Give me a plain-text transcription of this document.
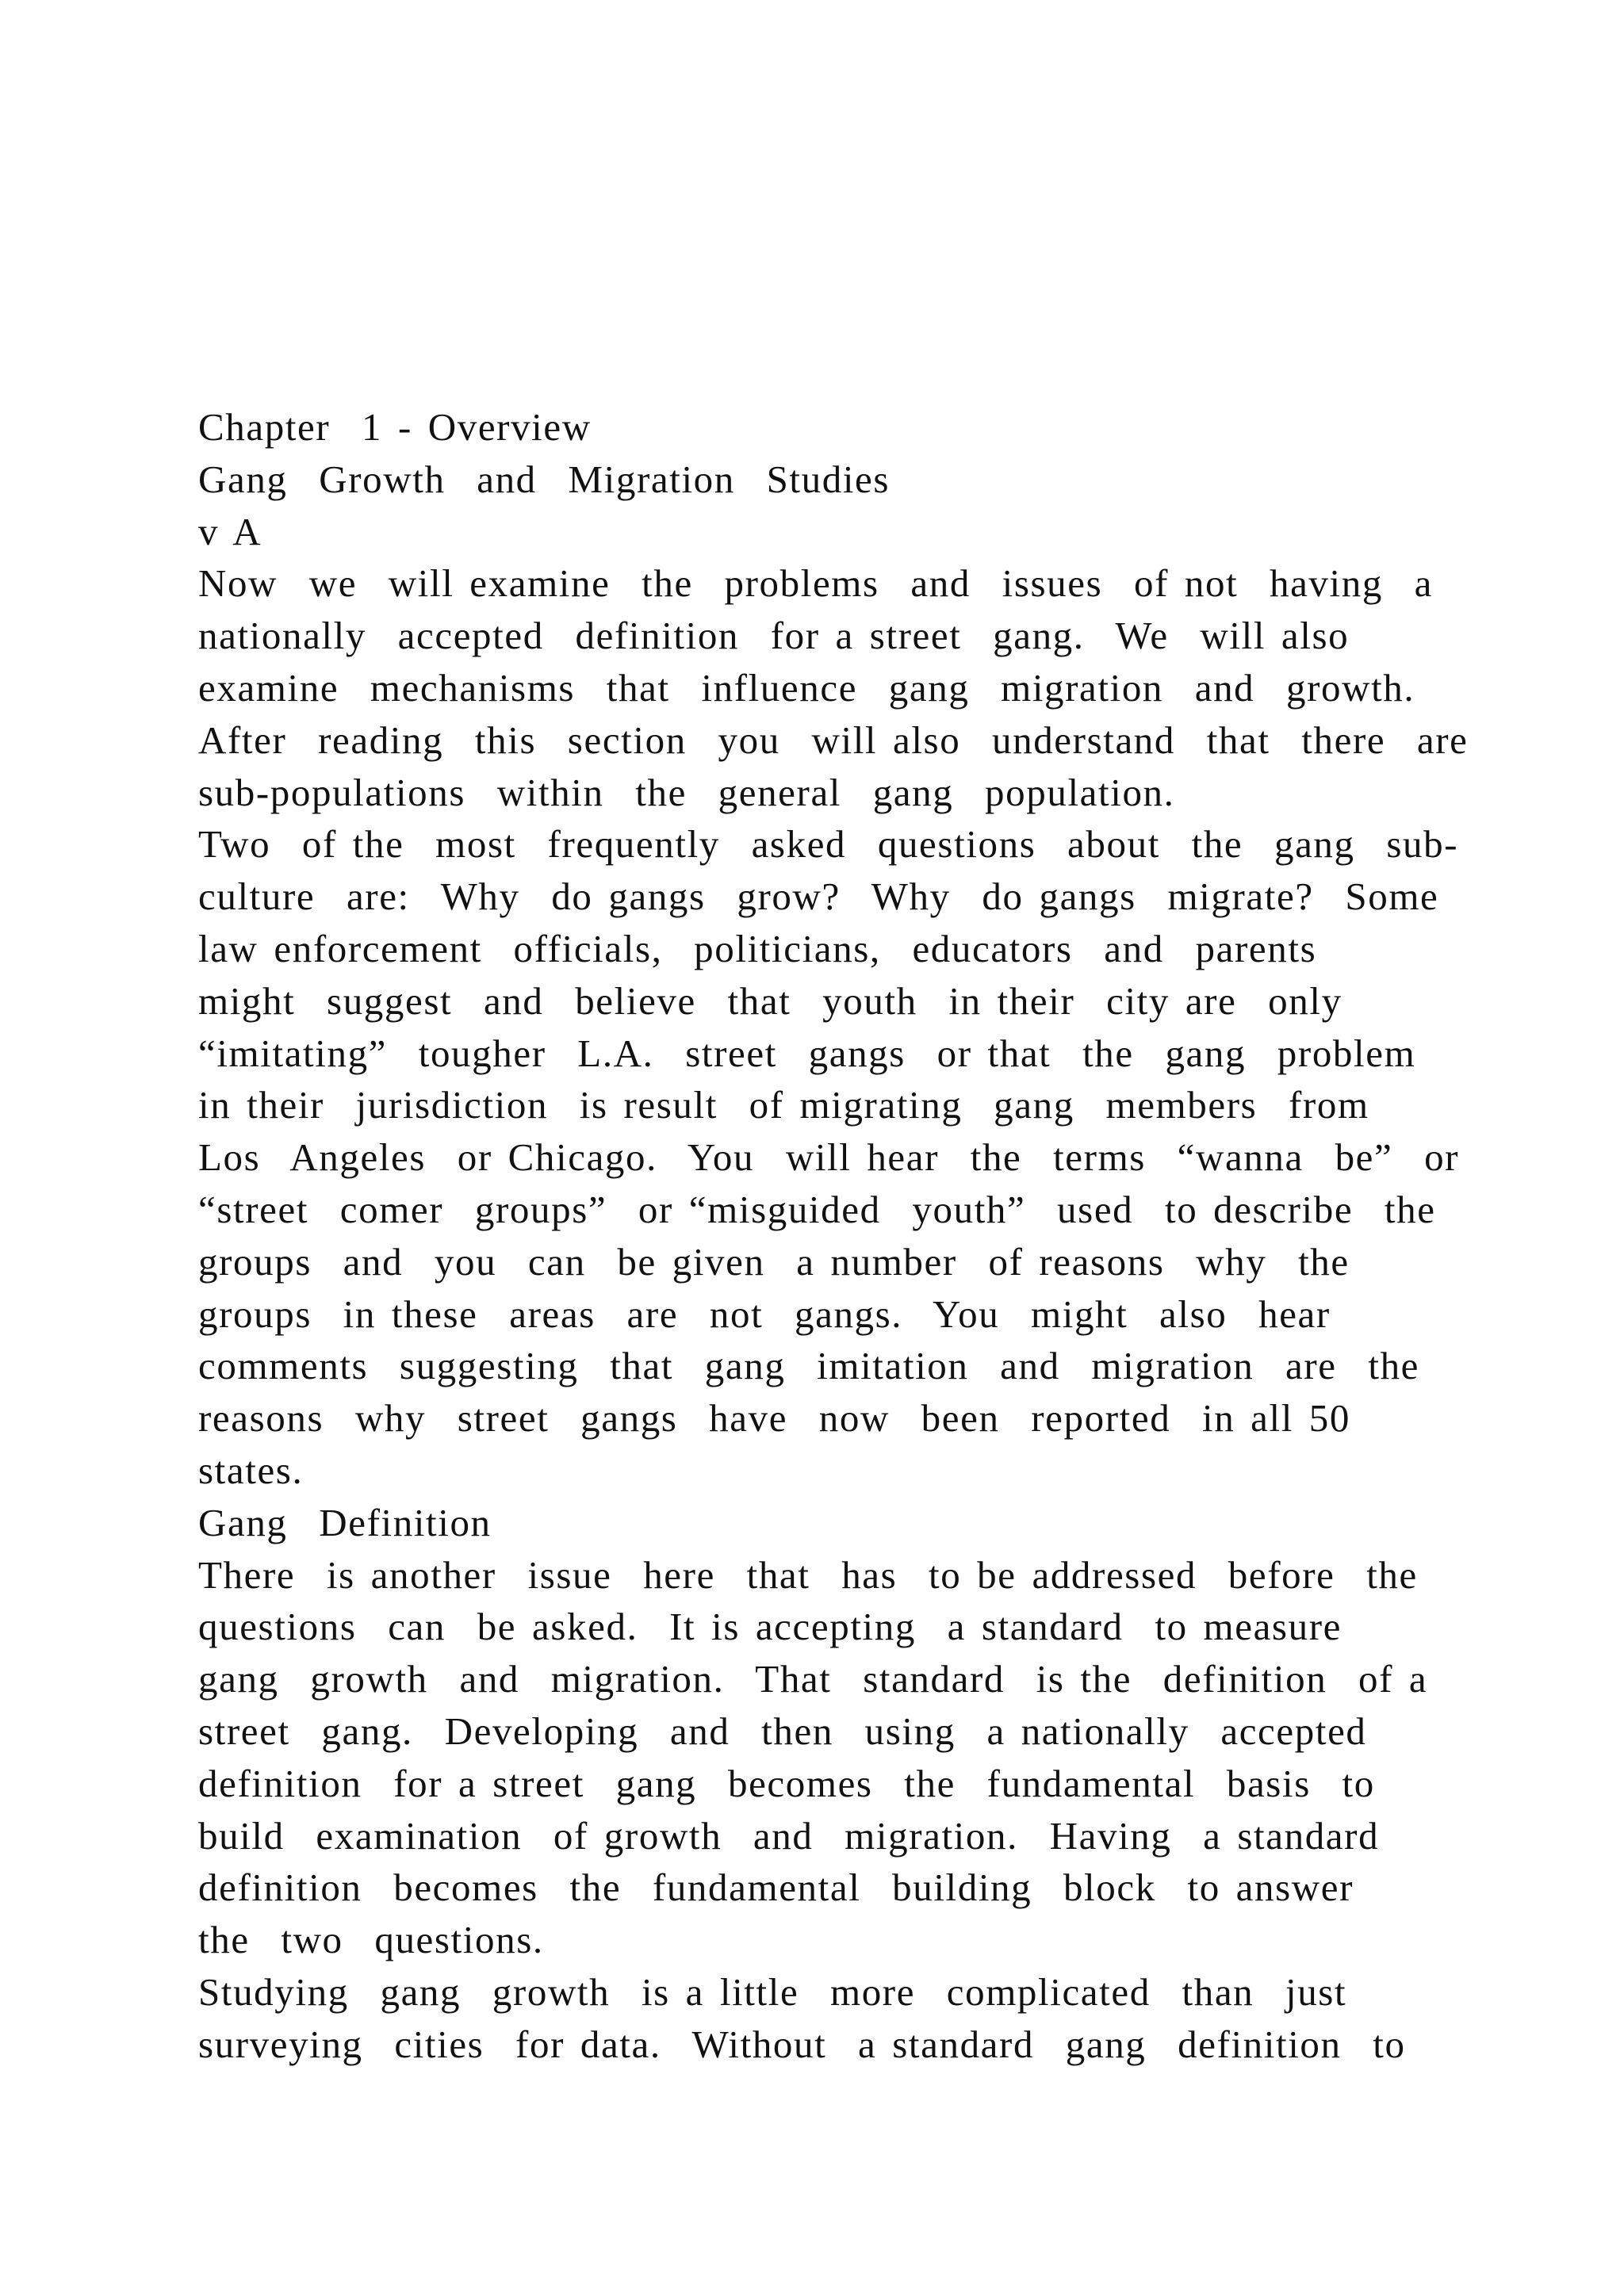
Chapter  1 - Overview
Gang  Growth  and  Migration  Studies
v A
Now  we  will examine  the  problems  and  issues  of not  having  a
nationally  accepted  definition  for a street  gang.  We  will also
examine  mechanisms  that  influence  gang  migration  and  growth.
After  reading  this  section  you  will also  understand  that  there  are
sub-populations  within  the  general  gang  population.
Two  of the  most  frequently  asked  questions  about  the  gang  sub-
culture  are:  Why  do gangs  grow?  Why  do gangs  migrate?  Some
law enforcement  officials,  politicians,  educators  and  parents
might  suggest  and  believe  that  youth  in their  city are  only
“imitating”  tougher  L.A.  street  gangs  or that  the  gang  problem
in their  jurisdiction  is result  of migrating  gang  members  from
Los  Angeles  or Chicago.  You  will hear  the  terms  “wanna  be”  or
“street  comer  groups”  or “misguided  youth”  used  to describe  the
groups  and  you  can  be given  a number  of reasons  why  the
groups  in these  areas  are  not  gangs.  You  might  also  hear
comments  suggesting  that  gang  imitation  and  migration  are  the
reasons  why  street  gangs  have  now  been  reported  in all 50
states.
Gang  Definition
There  is another  issue  here  that  has  to be addressed  before  the
questions  can  be asked.  It is accepting  a standard  to measure
gang  growth  and  migration.  That  standard  is the  definition  of a
street  gang.  Developing  and  then  using  a nationally  accepted
definition  for a street  gang  becomes  the  fundamental  basis  to
build  examination  of growth  and  migration.  Having  a standard
definition  becomes  the  fundamental  building  block  to answer
the  two  questions.
Studying  gang  growth  is a little  more  complicated  than  just
surveying  cities  for data.  Without  a standard  gang  definition  to
